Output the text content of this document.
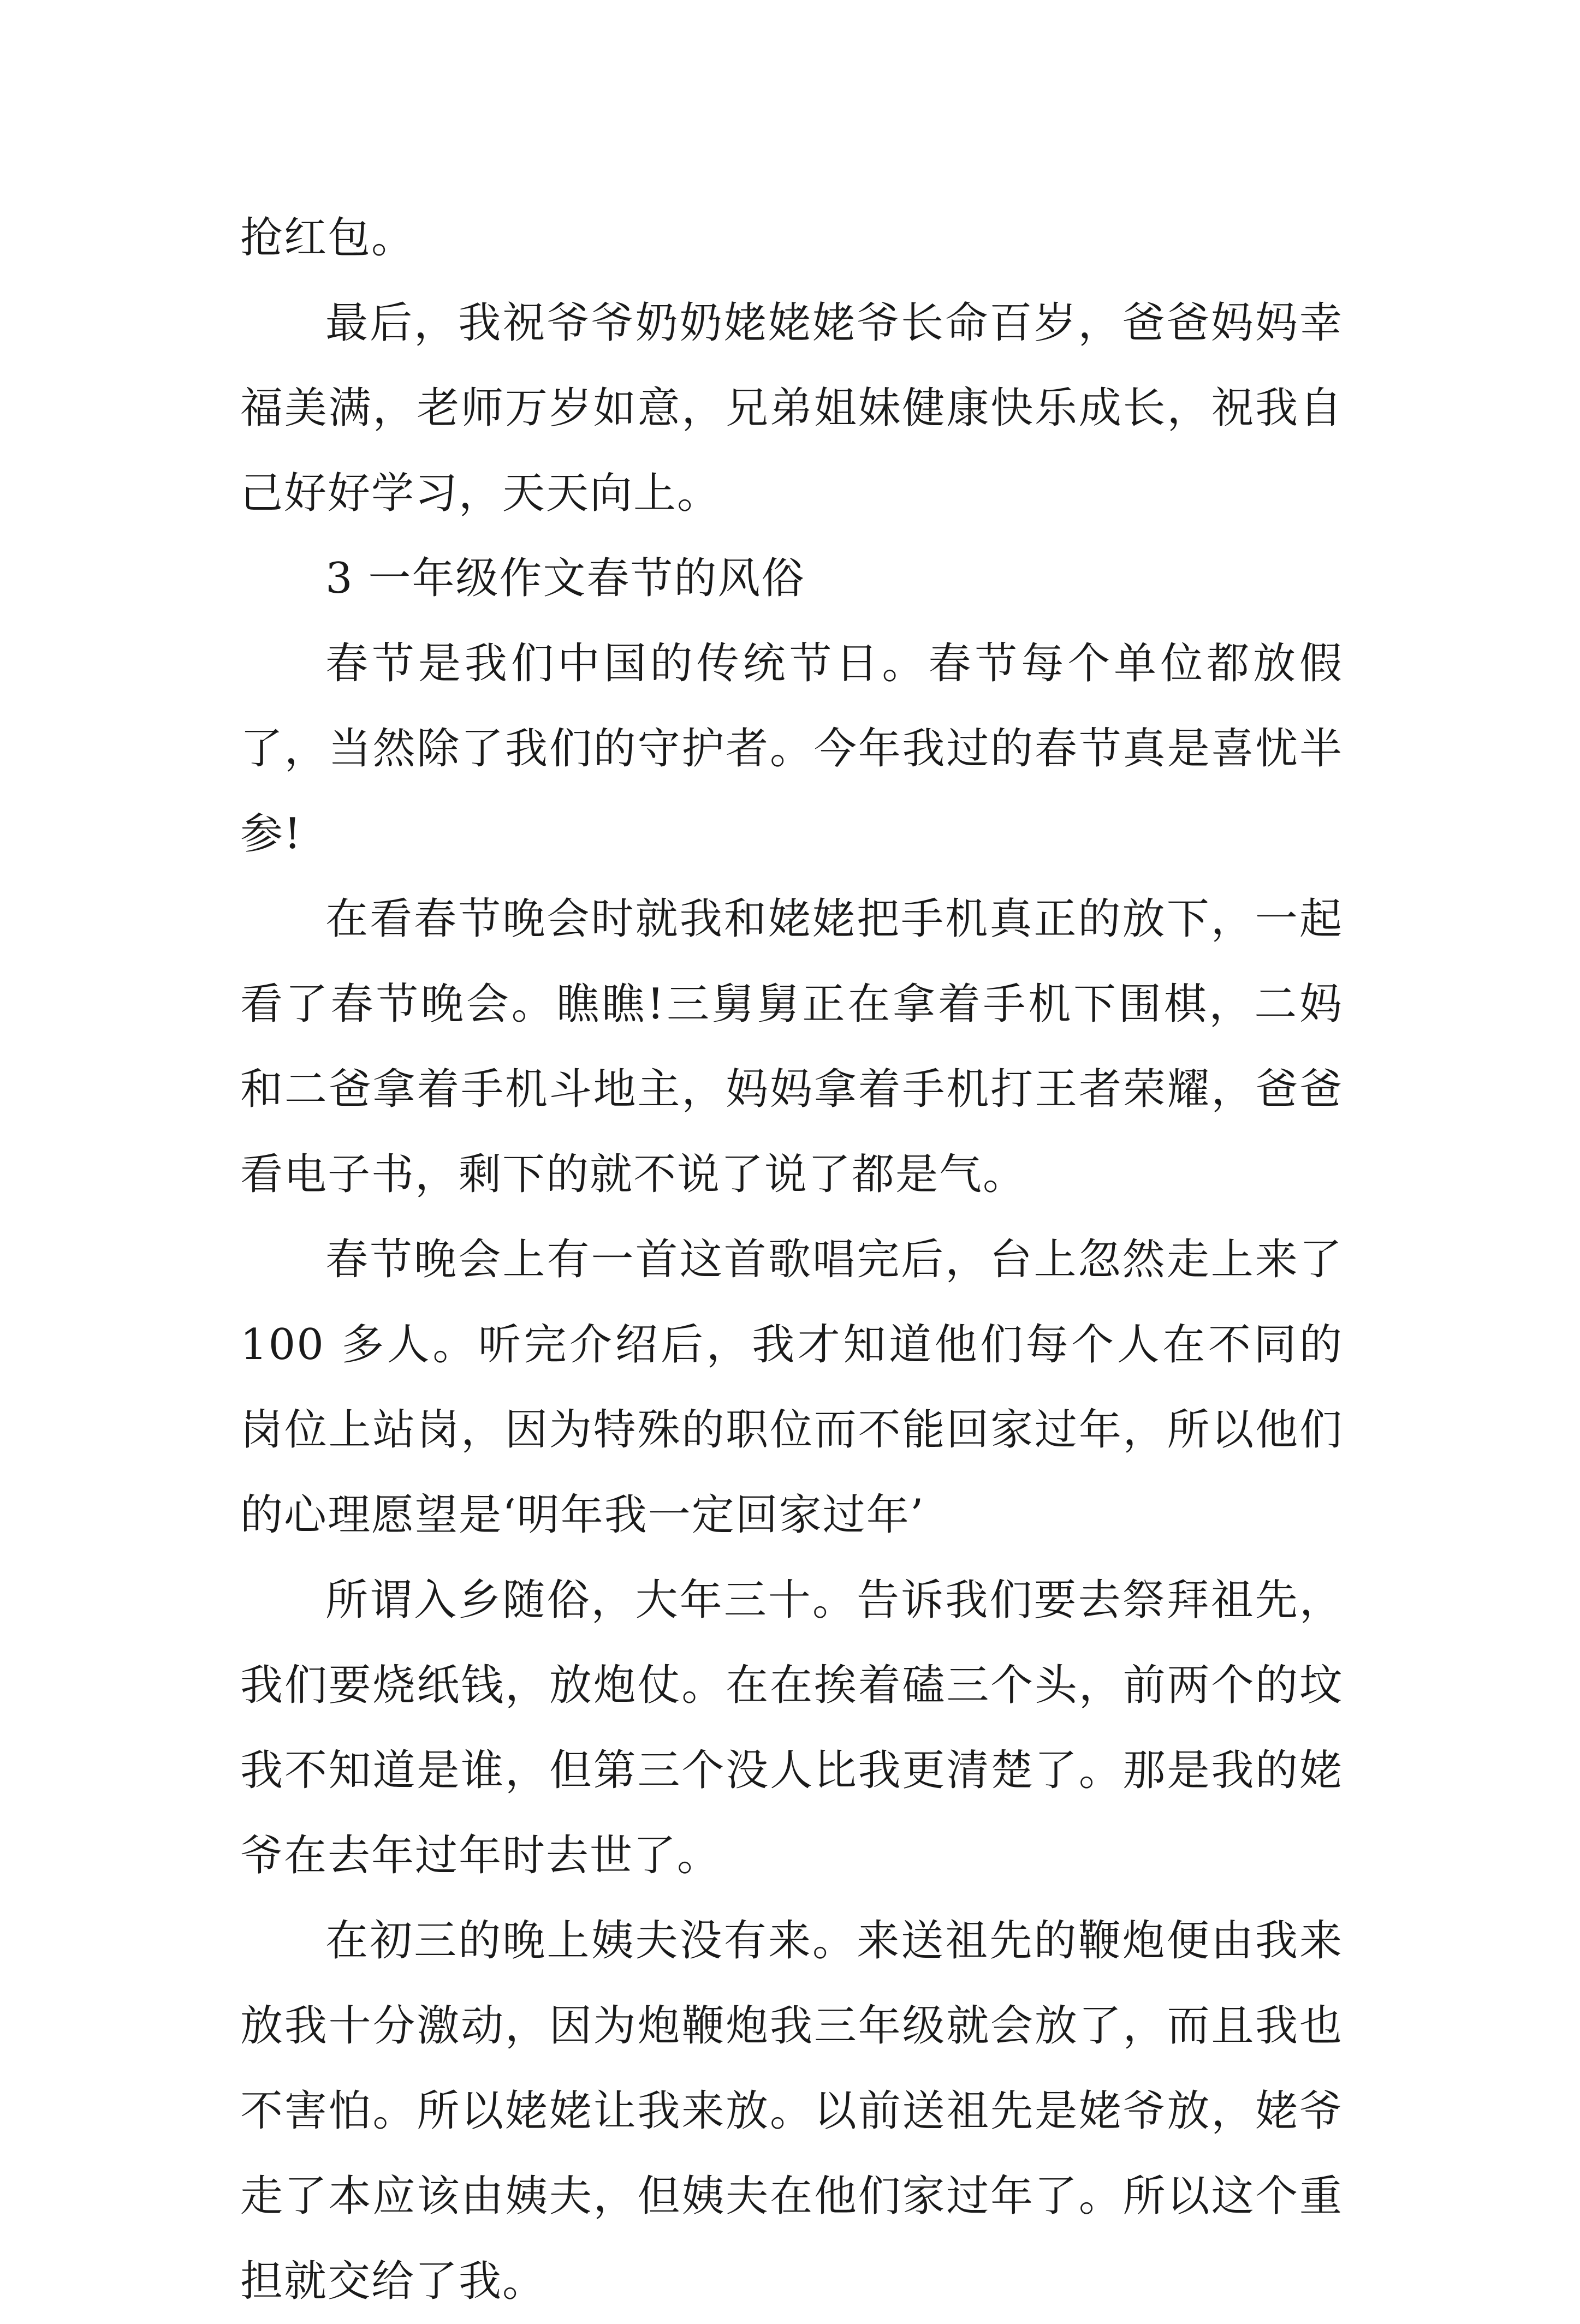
抢红包。

最后，我祝爷爷奶奶姥姥姥爷长命百岁，爸爸妈妈幸福美满，老师万岁如意，兄弟姐妹健康快乐成长，祝我自己好好学习，天天向上。

3 一年级作文春节的风俗

春节是我们中国的传统节日。春节每个单位都放假了，当然除了我们的守护者。今年我过的春节真是喜忧半参!

在看春节晚会时就我和姥姥把手机真正的放下，一起看了春节晚会。瞧瞧!三舅舅正在拿着手机下围棋，二妈和二爸拿着手机斗地主，妈妈拿着手机打王者荣耀，爸爸看电子书，剩下的就不说了说了都是气。

春节晚会上有一首这首歌唱完后，台上忽然走上来了 100 多人。听完介绍后，我才知道他们每个人在不同的岗位上站岗，因为特殊的职位而不能回家过年，所以他们的心理愿望是‘明年我一定回家过年’

所谓入乡随俗，大年三十。告诉我们要去祭拜祖先，我们要烧纸钱，放炮仗。在在挨着磕三个头，前两个的坟我不知道是谁，但第三个没人比我更清楚了。那是我的姥爷在去年过年时去世了。

在初三的晚上姨夫没有来。来送祖先的鞭炮便由我来放我十分激动，因为炮鞭炮我三年级就会放了，而且我也不害怕。所以姥姥让我来放。以前送祖先是姥爷放，姥爷走了本应该由姨夫，但姨夫在他们家过年了。所以这个重担就交给了我。
